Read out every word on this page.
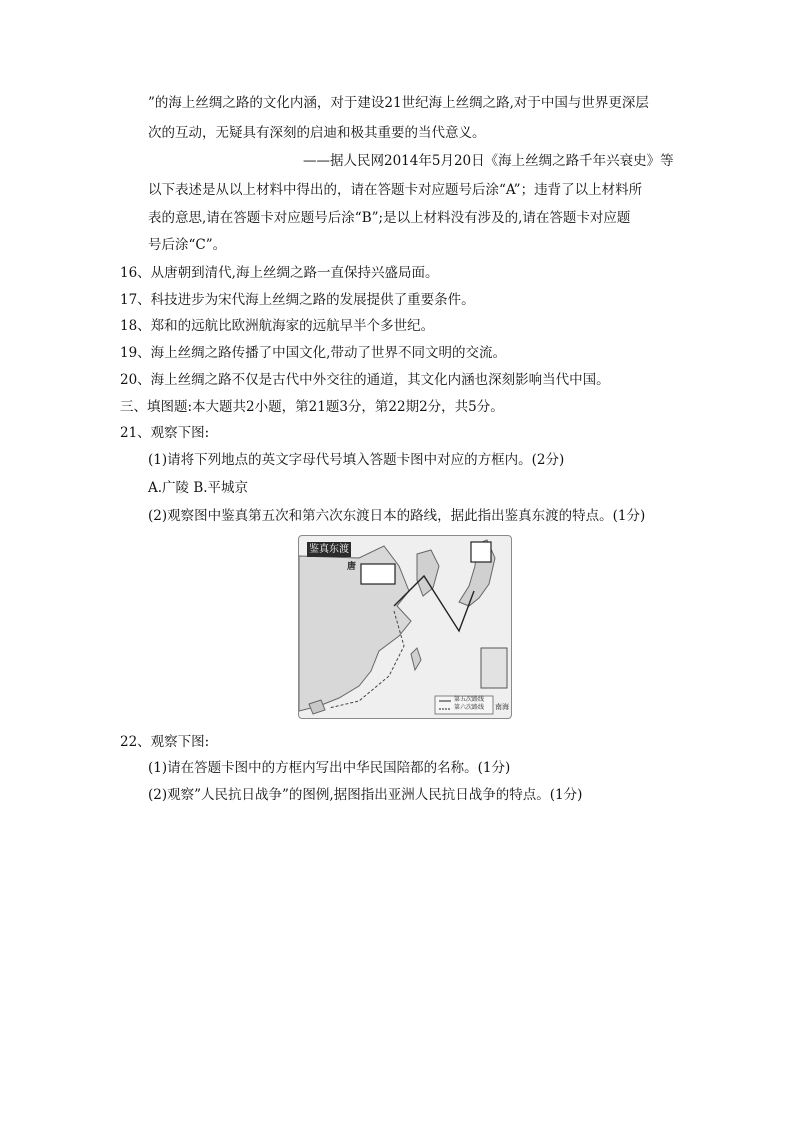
”的海上丝绸之路的文化内涵，对于建设21世纪海上丝绸之路,对于中国与世界更深层
次的互动，无疑具有深刻的启迪和极其重要的当代意义。
——据人民网2014年5月20日《海上丝绸之路千年兴衰史》等
以下表述是从以上材料中得出的，请在答题卡对应题号后涂“A”；违背了以上材料所
表的意思,请在答题卡对应题号后涂“B”;是以上材料没有涉及的,请在答题卡对应题
号后涂“C”。
16、从唐朝到清代,海上丝绸之路一直保持兴盛局面。
17、科技进步为宋代海上丝绸之路的发展提供了重要条件。
18、郑和的远航比欧洲航海家的远航早半个多世纪。
19、海上丝绸之路传播了中国文化,带动了世界不同文明的交流。
20、海上丝绸之路不仅是古代中外交往的通道，其文化内涵也深刻影响当代中国。
三、填图题:本大题共2小题，第21题3分，第22期2分，共5分。
21、观察下图:
(1)请将下列地点的英文字母代号填入答题卡图中对应的方框内。(2分)
A.广陵 B.平城京
(2)观察图中鉴真第五次和第六次东渡日本的路线，据此指出鉴真东渡的特点。(1分)
鉴真东渡
唐
第五次路线
第六次路线 南海
22、观察下图:
(1)请在答题卡图中的方框内写出中华民国陪都的名称。(1分)
(2)观察”人民抗日战争”的图例,据图指出亚洲人民抗日战争的特点。(1分)
